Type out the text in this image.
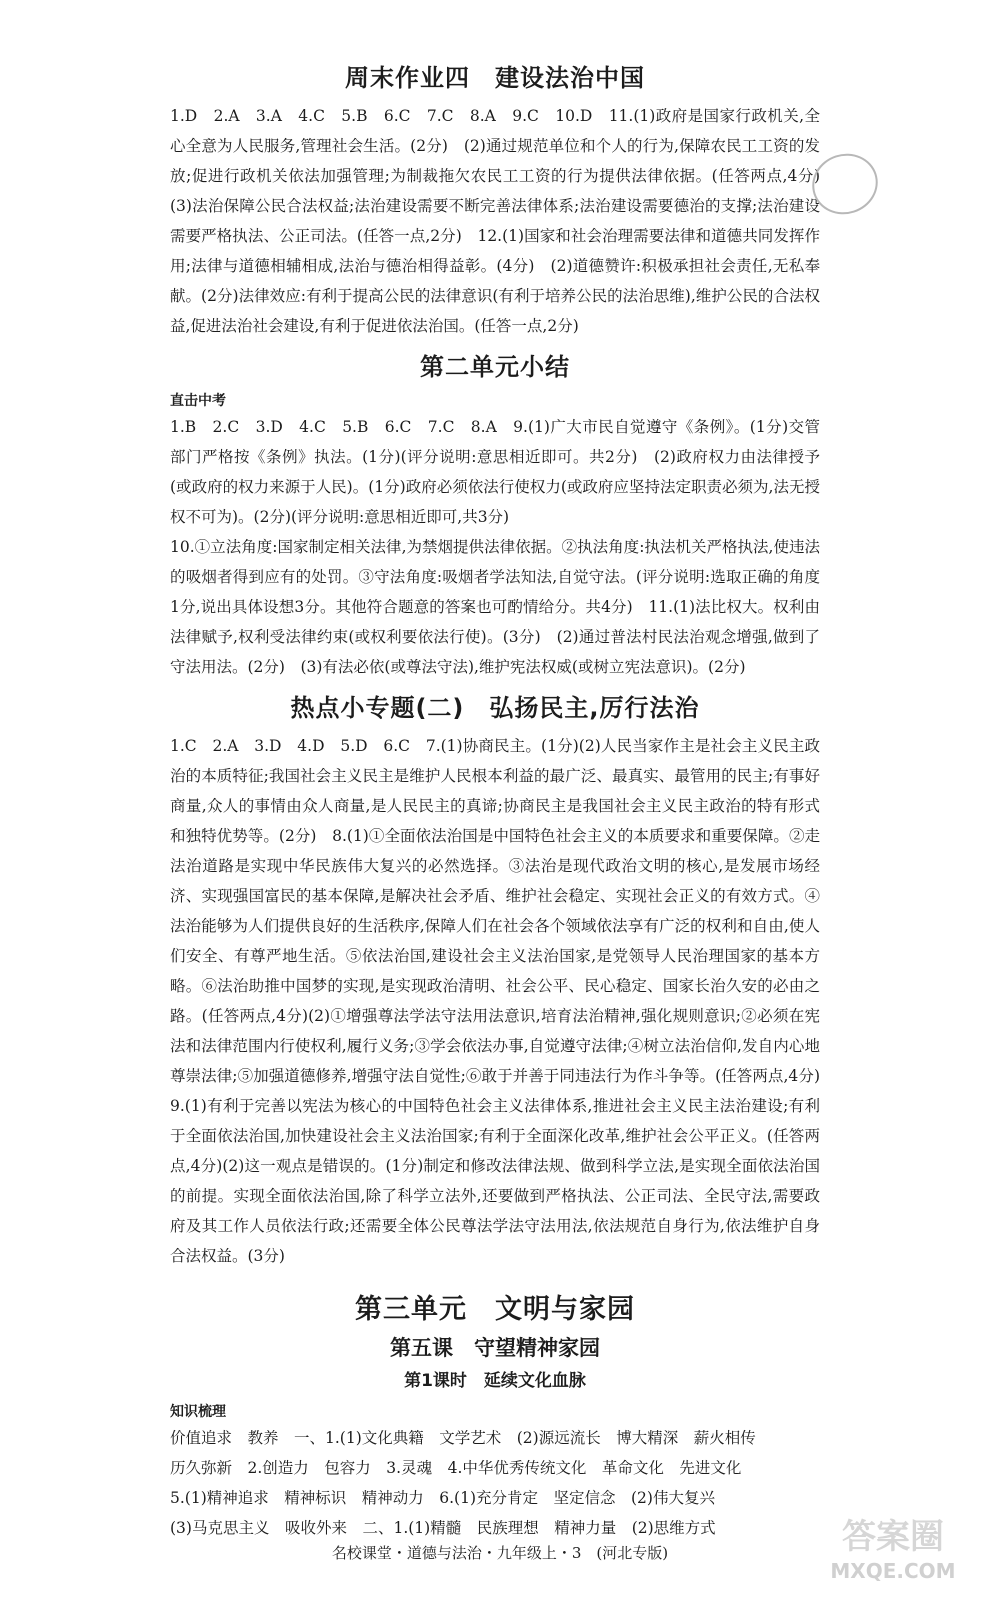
周末作业四　建设法治中国

1.D　2.A　3.A　4.C　5.B　6.C　7.C　8.A　9.C　10.D　11.(1)政府是国家行政机关,全心全意为人民服务,管理社会生活。(2分)　(2)通过规范单位和个人的行为,保障农民工工资的发放;促进行政机关依法加强管理;为制裁拖欠农民工工资的行为提供法律依据。(任答两点,4分)　(3)法治保障公民合法权益;法治建设需要不断完善法律体系;法治建设需要德治的支撑;法治建设需要严格执法、公正司法。(任答一点,2分)　12.(1)国家和社会治理需要法律和道德共同发挥作用;法律与道德相辅相成,法治与德治相得益彰。(4分)　(2)道德赞许:积极承担社会责任,无私奉献。(2分)法律效应:有利于提高公民的法律意识(有利于培养公民的法治思维),维护公民的合法权益,促进法治社会建设,有利于促进依法治国。(任答一点,2分)

第二单元小结
直击中考

1.B　2.C　3.D　4.C　5.B　6.C　7.C　8.A　9.(1)广大市民自觉遵守《条例》。(1分)交管部门严格按《条例》执法。(1分)(评分说明:意思相近即可。共2分)　(2)政府权力由法律授予(或政府的权力来源于人民)。(1分)政府必须依法行使权力(或政府应坚持法定职责必须为,法无授权不可为)。(2分)(评分说明:意思相近即可,共3分)

10.①立法角度:国家制定相关法律,为禁烟提供法律依据。②执法角度:执法机关严格执法,使违法的吸烟者得到应有的处罚。③守法角度:吸烟者学法知法,自觉守法。(评分说明:选取正确的角度1分,说出具体设想3分。其他符合题意的答案也可酌情给分。共4分)　11.(1)法比权大。权利由法律赋予,权利受法律约束(或权利要依法行使)。(3分)　(2)通过普法村民法治观念增强,做到了守法用法。(2分)　(3)有法必依(或尊法守法),维护宪法权威(或树立宪法意识)。(2分)

热点小专题(二)　弘扬民主,厉行法治

1.C　2.A　3.D　4.D　5.D　6.C　7.(1)协商民主。(1分)(2)人民当家作主是社会主义民主政治的本质特征;我国社会主义民主是维护人民根本利益的最广泛、最真实、最管用的民主;有事好商量,众人的事情由众人商量,是人民民主的真谛;协商民主是我国社会主义民主政治的特有形式和独特优势等。(2分)　8.(1)①全面依法治国是中国特色社会主义的本质要求和重要保障。②走法治道路是实现中华民族伟大复兴的必然选择。③法治是现代政治文明的核心,是发展市场经济、实现强国富民的基本保障,是解决社会矛盾、维护社会稳定、实现社会正义的有效方式。④法治能够为人们提供良好的生活秩序,保障人们在社会各个领域依法享有广泛的权利和自由,使人们安全、有尊严地生活。⑤依法治国,建设社会主义法治国家,是党领导人民治理国家的基本方略。⑥法治助推中国梦的实现,是实现政治清明、社会公平、民心稳定、国家长治久安的必由之路。(任答两点,4分)(2)①增强尊法学法守法用法意识,培育法治精神,强化规则意识;②必须在宪法和法律范围内行使权利,履行义务;③学会依法办事,自觉遵守法律;④树立法治信仰,发自内心地尊崇法律;⑤加强道德修养,增强守法自觉性;⑥敢于并善于同违法行为作斗争等。(任答两点,4分)　9.(1)有利于完善以宪法为核心的中国特色社会主义法律体系,推进社会主义民主法治建设;有利于全面依法治国,加快建设社会主义法治国家;有利于全面深化改革,维护社会公平正义。(任答两点,4分)(2)这一观点是错误的。(1分)制定和修改法律法规、做到科学立法,是实现全面依法治国的前提。实现全面依法治国,除了科学立法外,还要做到严格执法、公正司法、全民守法,需要政府及其工作人员依法行政;还需要全体公民尊法学法守法用法,依法规范自身行为,依法维护自身合法权益。(3分)

第三单元　文明与家园
第五课　守望精神家园
第1课时　延续文化血脉
知识梳理

价值追求　教养　一、1.(1)文化典籍　文学艺术　(2)源远流长　博大精深　薪火相传

历久弥新　2.创造力　包容力　3.灵魂　4.中华优秀传统文化　革命文化　先进文化

5.(1)精神追求　精神标识　精神动力　6.(1)充分肯定　坚定信念　(2)伟大复兴

(3)马克思主义　吸收外来　二、1.(1)精髓　民族理想　精神力量　(2)思维方式

名校课堂・道德与法治・九年级上・3　(河北专版)	答案圈
MXQE.COM
